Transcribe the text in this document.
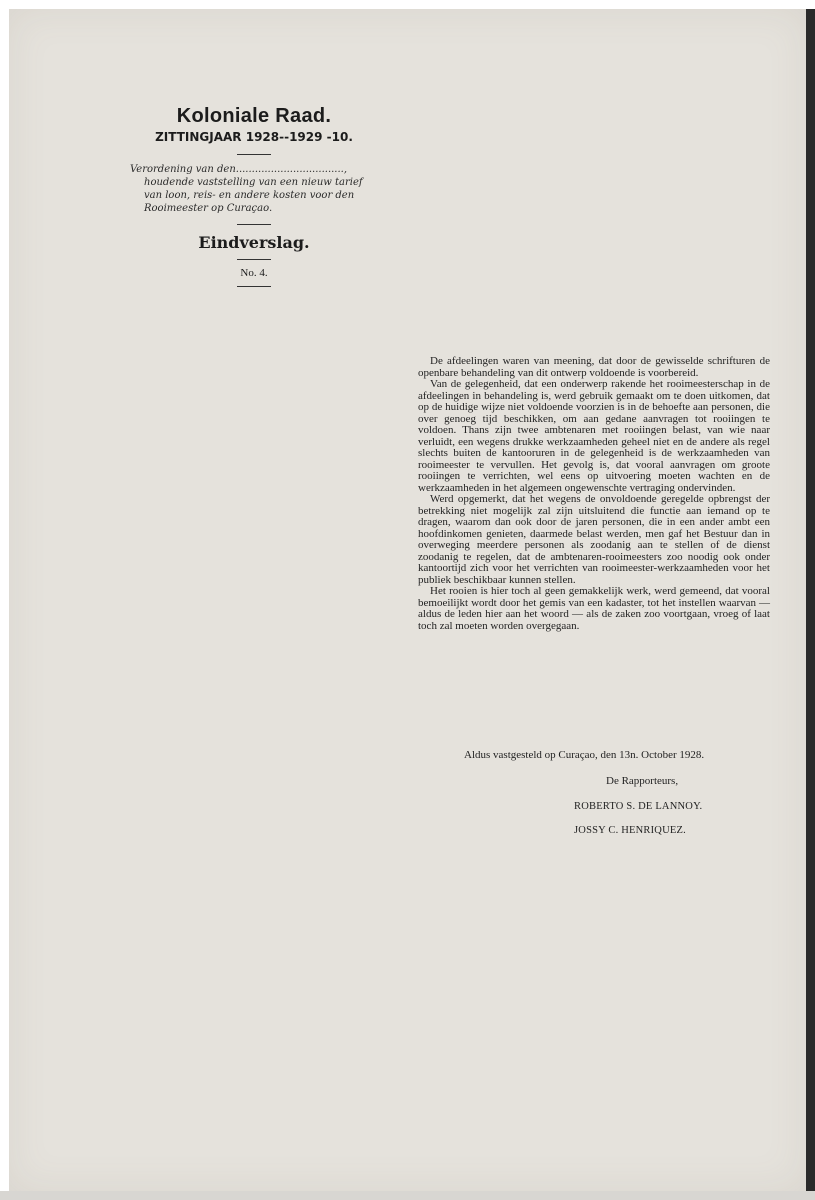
Koloniale Raad.

ZITTINGJAAR 1928--1929 -10.

Verordening van den..................................,
houdende vaststelling van een nieuw tarief
van loon, reis- en andere kosten voor den
Rooimeester op Curaçao.

Eindverslag.

No. 4.

De afdeelingen waren van meening, dat door de gewisselde schrifturen de openbare behandeling van dit ontwerp voldoende is voorbereid.

Van de gelegenheid, dat een onderwerp rakende het rooimeesterschap in de afdeelingen in behandeling is, werd gebruik gemaakt om te doen uitkomen, dat op de huidige wijze niet voldoende voorzien is in de behoefte aan personen, die over genoeg tijd beschikken, om aan gedane aanvragen tot rooiingen te voldoen. Thans zijn twee ambtenaren met rooiingen belast, van wie naar verluidt, een wegens drukke werkzaamheden geheel niet en de andere als regel slechts buiten de kantooruren in de gelegenheid is de werkzaamheden van rooimeester te vervullen. Het gevolg is, dat vooral aanvragen om groote rooiingen te verrichten, wel eens op uitvoering moeten wachten en de werkzaamheden in het algemeen ongewenschte vertraging ondervinden.

Werd opgemerkt, dat het wegens de onvoldoende geregelde opbrengst der betrekking niet mogelijk zal zijn uitsluitend die functie aan iemand op te dragen, waarom dan ook door de jaren personen, die in een ander ambt een hoofdinkomen genieten, daarmede belast werden, men gaf het Bestuur dan in overweging meerdere personen als zoodanig aan te stellen of de dienst zoodanig te regelen, dat de ambtenaren-rooimeesters zoo noodig ook onder kantoortijd zich voor het verrichten van rooimeester-werkzaamheden voor het publiek beschikbaar kunnen stellen.

Het rooien is hier toch al geen gemakkelijk werk, werd gemeend, dat vooral bemoeilijkt wordt door het gemis van een kadaster, tot het instellen waarvan — aldus de leden hier aan het woord — als de zaken zoo voortgaan, vroeg of laat toch zal moeten worden overgegaan.

Aldus vastgesteld op Curaçao, den 13n. October 1928.

De Rapporteurs,

ROBERTO S. DE LANNOY.

JOSSY C. HENRIQUEZ.
